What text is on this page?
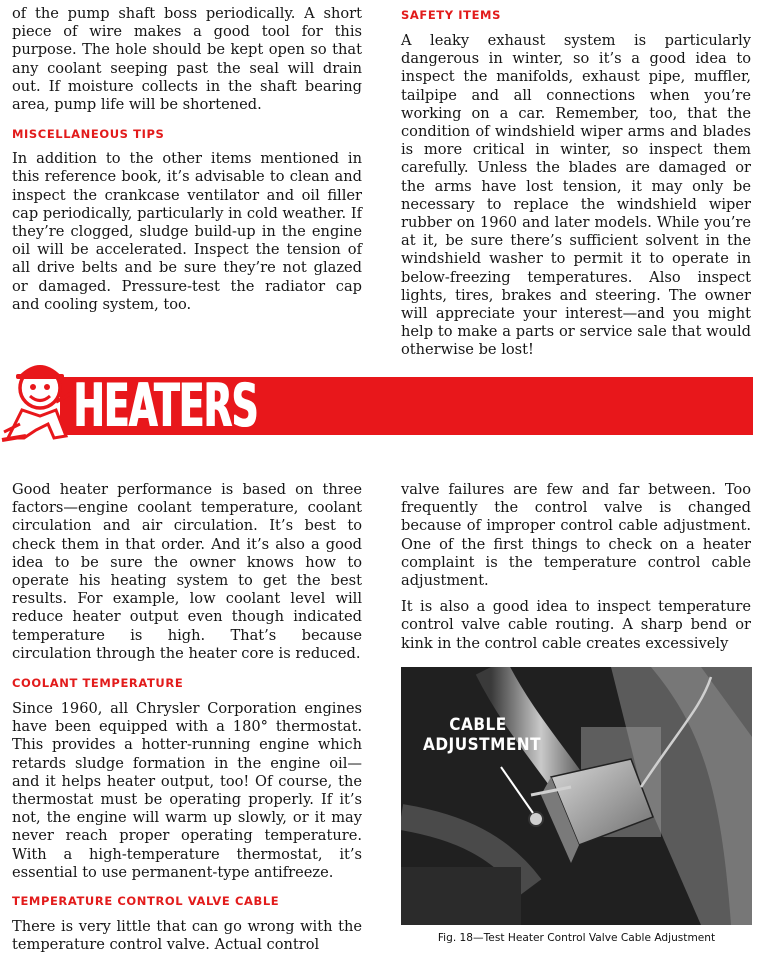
of the pump shaft boss periodically. A short piece of wire makes a good tool for this purpose. The hole should be kept open so that any coolant seeping past the seal will drain out. If moisture collects in the shaft bearing area, pump life will be shortened.

MISCELLANEOUS TIPS

In addition to the other items mentioned in this reference book, it’s advisable to clean and inspect the crankcase ventilator and oil filler cap periodically, particularly in cold weather. If they’re clogged, sludge build-up in the engine oil will be accelerated. Inspect the tension of all drive belts and be sure they’re not glazed or damaged. Pressure-test the radiator cap and cooling system, too.

SAFETY ITEMS

A leaky exhaust system is particularly dangerous in winter, so it’s a good idea to inspect the manifolds, exhaust pipe, muffler, tailpipe and all connections when you’re working on a car. Remember, too, that the condition of windshield wiper arms and blades is more critical in winter, so inspect them carefully. Unless the blades are damaged or the arms have lost tension, it may only be necessary to replace the windshield wiper rubber on 1960 and later models. While you’re at it, be sure there’s sufficient solvent in the windshield washer to permit it to operate in below-freezing temperatures. Also inspect lights, tires, brakes and steering. The owner will appreciate your interest—and you might help to make a parts or service sale that would otherwise be lost!

HEATERS

Good heater performance is based on three factors—engine coolant temperature, coolant circulation and air circulation. It’s best to check them in that order. And it’s also a good idea to be sure the owner knows how to operate his heating system to get the best results. For example, low coolant level will reduce heater output even though indicated temperature is high. That’s because circulation through the heater core is reduced.

COOLANT TEMPERATURE

Since 1960, all Chrysler Corporation engines have been equipped with a 180° thermostat. This provides a hotter-running engine which retards sludge formation in the engine oil—and it helps heater output, too! Of course, the thermostat must be operating properly. If it’s not, the engine will warm up slowly, or it may never reach proper operating temperature. With a high-temperature thermostat, it’s essential to use permanent-type antifreeze.

TEMPERATURE CONTROL VALVE CABLE

There is very little that can go wrong with the temperature control valve. Actual control

valve failures are few and far between. Too frequently the control valve is changed because of improper control cable adjustment. One of the first things to check on a heater complaint is the temperature control cable adjustment.

It is also a good idea to inspect temperature control valve cable routing. A sharp bend or kink in the control cable creates excessively

CABLE
ADJUSTMENT
Fig. 18—Test Heater Control Valve Cable Adjustment
